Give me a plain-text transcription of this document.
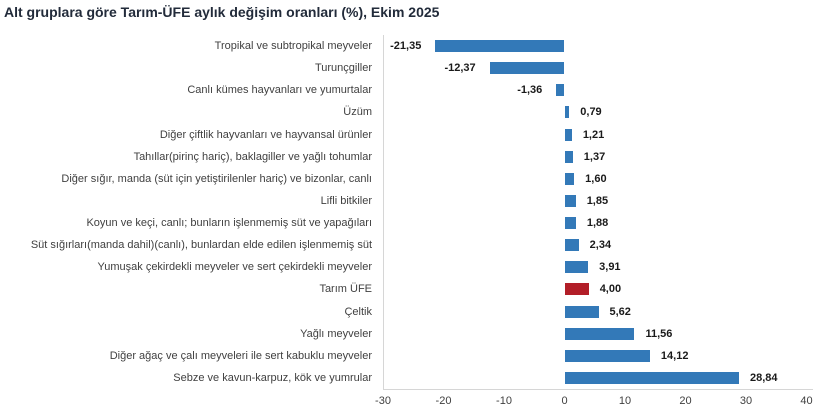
Alt gruplara göre Tarım-ÜFE aylık değişim oranları (%), Ekim 2025
Tropikal ve subtropikal meyveler -21,35
Turunçgiller	-12,37
Canlı kümes hayvanları ve yumurtalar	-1,36
Üzüm	0,79
Diğer çiftlik hayvanları ve hayvansal ürünler	1,21
Tahıllar(pirinç hariç), baklagiller ve yağlı tohumlar	1,37
Diğer sığır, manda (süt için yetiştirilenler hariç) ve bizonlar, canlı	1,60
Lifli bitkiler	1,85
Koyun ve keçi, canlı; bunların işlenmemiş süt ve yapağıları	1,88
Süt sığırları(manda dahil)(canlı), bunlardan elde edilen işlenmemiş süt	2,34
Yumuşak çekirdekli meyveler ve sert çekirdekli meyveler	3,91
Tarım ÜFE	4,00
Çeltik	5,62
Yağlı meyveler	11,56
Diğer ağaç ve çalı meyveleri ile sert kabuklu meyveler	14,12
Sebze ve kavun-karpuz, kök ve yumrular	28,84
-30	-20	-10	0	10	20	30	40
